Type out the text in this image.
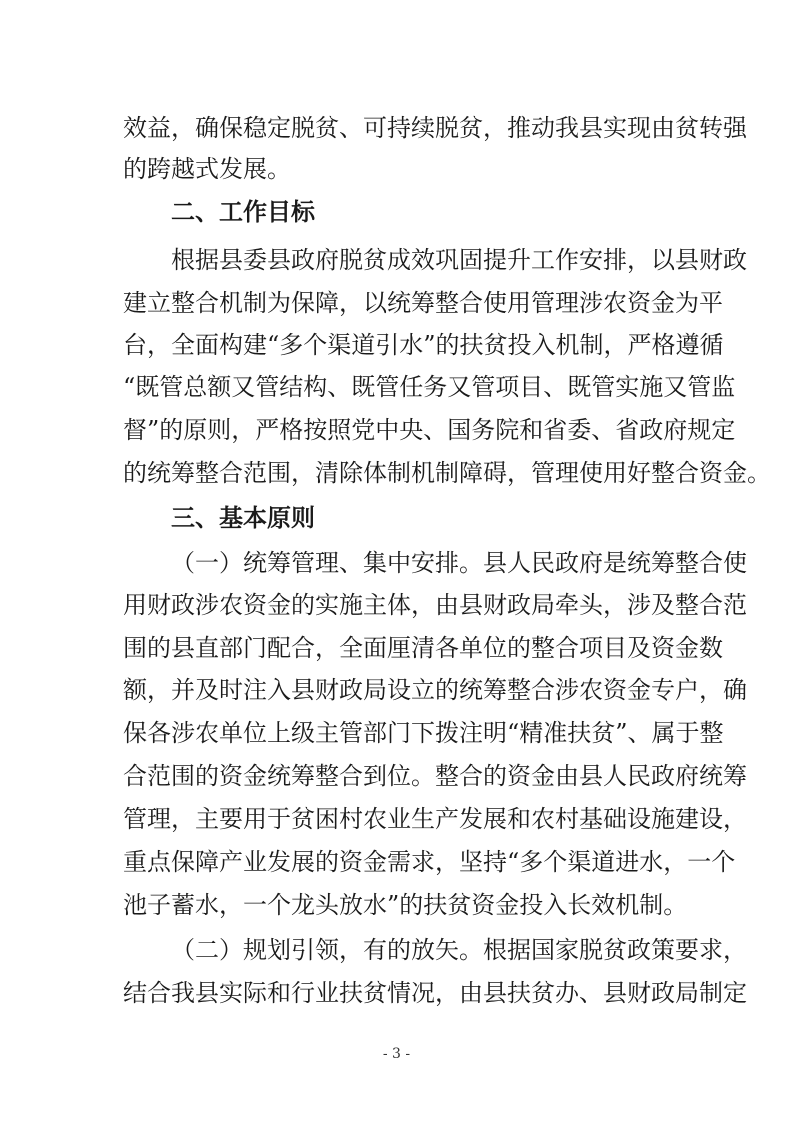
效益，确保稳定脱贫、可持续脱贫，推动我县实现由贫转强
的跨越式发展。
二、工作目标
根据县委县政府脱贫成效巩固提升工作安排，以县财政
建立整合机制为保障，以统筹整合使用管理涉农资金为平
台，全面构建“多个渠道引水”的扶贫投入机制，严格遵循
“既管总额又管结构、既管任务又管项目、既管实施又管监
督”的原则，严格按照党中央、国务院和省委、省政府规定
的统筹整合范围，清除体制机制障碍，管理使用好整合资金。
三、基本原则
（一）统筹管理、集中安排。县人民政府是统筹整合使
用财政涉农资金的实施主体，由县财政局牵头，涉及整合范
围的县直部门配合，全面厘清各单位的整合项目及资金数
额，并及时注入县财政局设立的统筹整合涉农资金专户，确
保各涉农单位上级主管部门下拨注明“精准扶贫”、属于整
合范围的资金统筹整合到位。整合的资金由县人民政府统筹
管理，主要用于贫困村农业生产发展和农村基础设施建设，
重点保障产业发展的资金需求，坚持“多个渠道进水，一个
池子蓄水，一个龙头放水”的扶贫资金投入长效机制。
（二）规划引领，有的放矢。根据国家脱贫政策要求，
结合我县实际和行业扶贫情况，由县扶贫办、县财政局制定
- 3 -
